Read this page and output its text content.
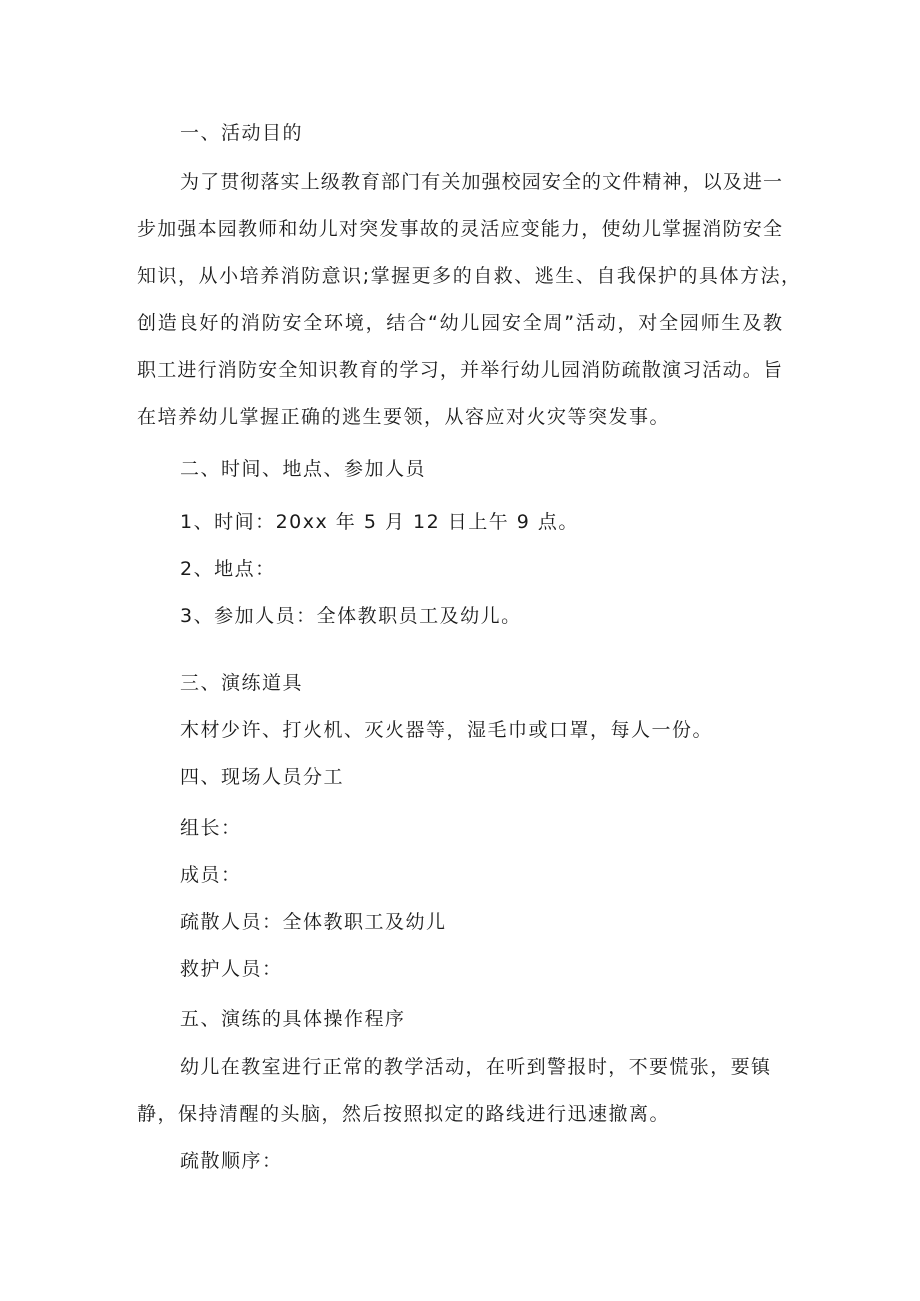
一、活动目的
为了贯彻落实上级教育部门有关加强校园安全的文件精神，以及进一
步加强本园教师和幼儿对突发事故的灵活应变能力，使幼儿掌握消防安全
知识，从小培养消防意识;掌握更多的自救、逃生、自我保护的具体方法，
创造良好的消防安全环境，结合“幼儿园安全周”活动，对全园师生及教
职工进行消防安全知识教育的学习，并举行幼儿园消防疏散演习活动。旨
在培养幼儿掌握正确的逃生要领，从容应对火灾等突发事。
二、时间、地点、参加人员
1、时间：20xx 年 5 月 12 日上午 9 点。
2、地点：
3、参加人员：全体教职员工及幼儿。
三、演练道具
木材少许、打火机、灭火器等，湿毛巾或口罩，每人一份。
四、现场人员分工
组长：
成员：
疏散人员：全体教职工及幼儿
救护人员：
五、演练的具体操作程序
幼儿在教室进行正常的教学活动，在听到警报时，不要慌张，要镇
静，保持清醒的头脑，然后按照拟定的路线进行迅速撤离。
疏散顺序：
